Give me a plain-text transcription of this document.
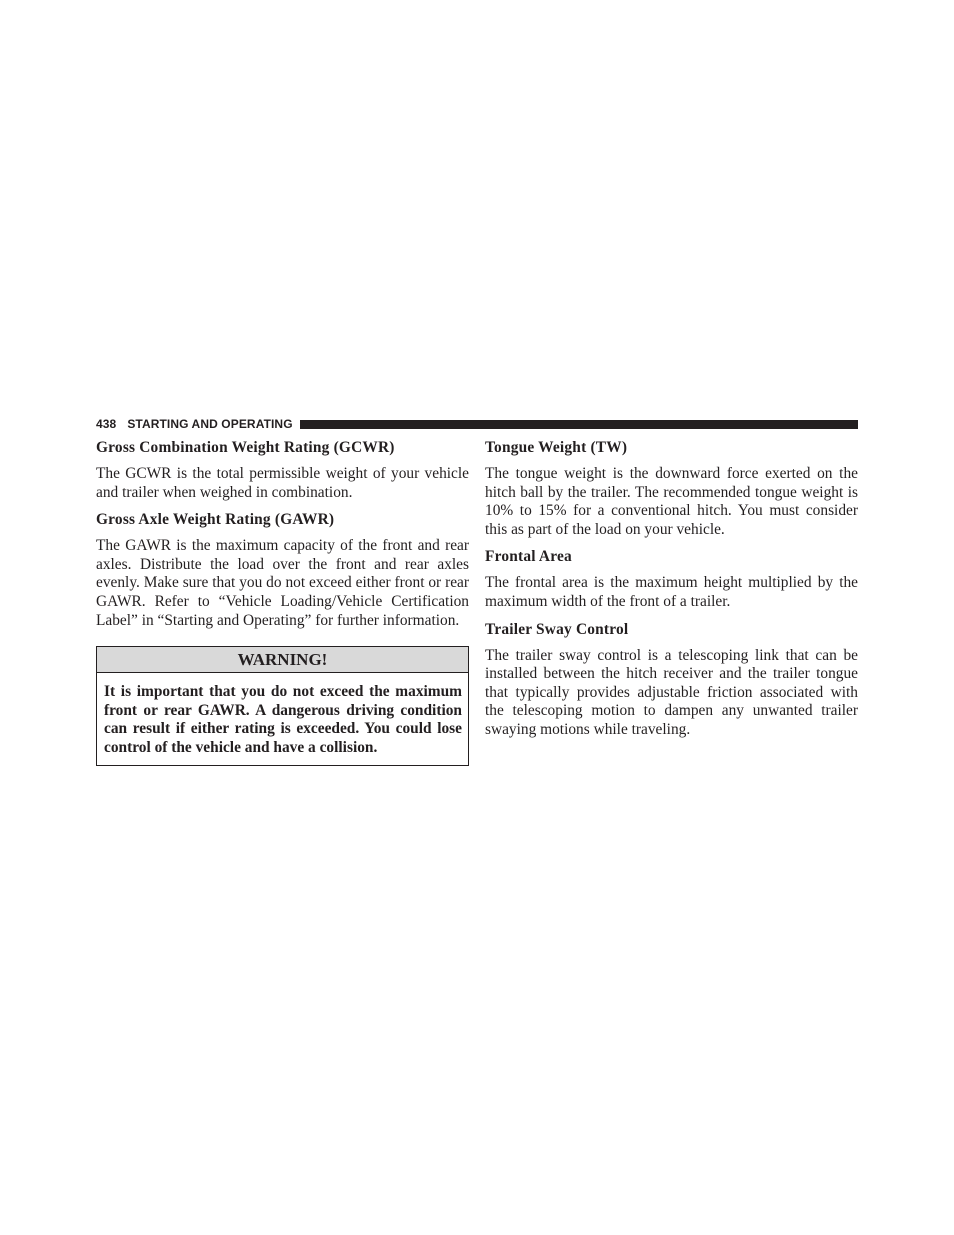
438 STARTING AND OPERATING
Gross Combination Weight Rating (GCWR)

The GCWR is the total permissible weight of your vehicle and trailer when weighed in combination.

Gross Axle Weight Rating (GAWR)

The GAWR is the maximum capacity of the front and rear axles. Distribute the load over the front and rear axles evenly. Make sure that you do not exceed either front or rear GAWR. Refer to “Vehicle Loading/Vehicle Certification Label” in “Starting and Operating” for further information.

WARNING!
It is important that you do not exceed the maximum front or rear GAWR. A dangerous driving condition can result if either rating is exceeded. You could lose control of the vehicle and have a collision.
Tongue Weight (TW)

The tongue weight is the downward force exerted on the hitch ball by the trailer. The recommended tongue weight is 10% to 15% for a conventional hitch. You must consider this as part of the load on your vehicle.

Frontal Area

The frontal area is the maximum height multiplied by the maximum width of the front of a trailer.

Trailer Sway Control

The trailer sway control is a telescoping link that can be installed between the hitch receiver and the trailer tongue that typically provides adjustable friction associated with the telescoping motion to dampen any unwanted trailer swaying motions while traveling.
